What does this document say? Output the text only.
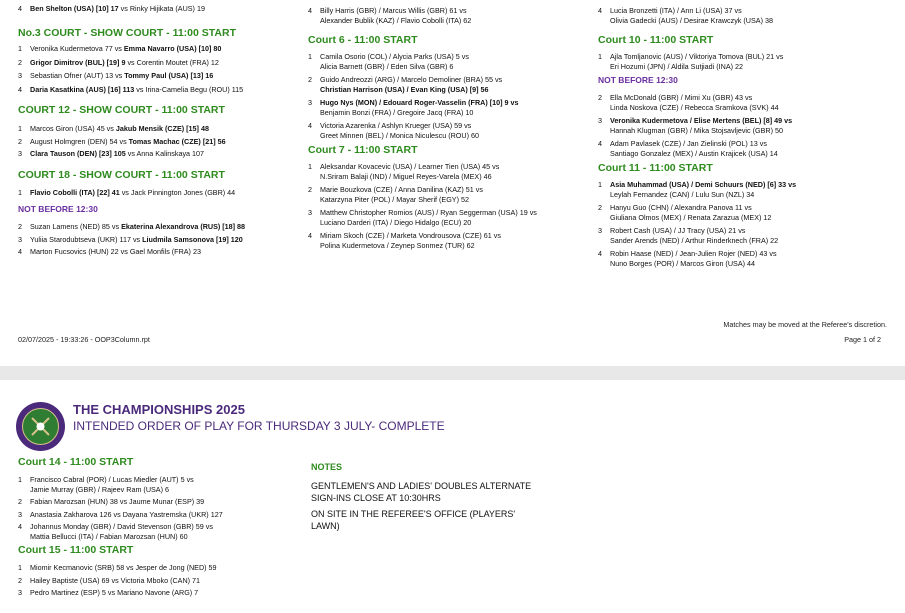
4 Ben Shelton (USA) [10] 17 vs Rinky Hijikata (AUS) 19
No.3 COURT - SHOW COURT - 11:00 START
1 Veronika Kudermetova 77 vs Emma Navarro (USA) [10] 80
2 Grigor Dimitrov (BUL) [19] 9 vs Corentin Moutet (FRA) 12
3 Sebastian Ofner (AUT) 13 vs Tommy Paul (USA) [13] 16
4 Daria Kasatkina (AUS) [16] 113 vs Irina-Camelia Begu (ROU) 115
COURT 12 - SHOW COURT - 11:00 START
1 Marcos Giron (USA) 45 vs Jakub Mensik (CZE) [15] 48
2 August Holmgren (DEN) 54 vs Tomas Machac (CZE) [21] 56
3 Clara Tauson (DEN) [23] 105 vs Anna Kalinskaya 107
COURT 18 - SHOW COURT - 11:00 START
1 Flavio Cobolli (ITA) [22] 41 vs Jack Pinnington Jones (GBR) 44
NOT BEFORE 12:30
2 Suzan Lamens (NED) 85 vs Ekaterina Alexandrova (RUS) [18] 88
3 Yuliia Starodubtseva (UKR) 117 vs Liudmila Samsonova [19] 120
4 Marton Fucsovics (HUN) 22 vs Gael Monfils (FRA) 23
4 Billy Harris (GBR) / Marcus Willis (GBR) 61 vs
Alexander Bublik (KAZ) / Flavio Cobolli (ITA) 62
Court 6 - 11:00 START
1 Camila Osorio (COL) / Alycia Parks (USA) 5 vs
Alicia Barnett (GBR) / Eden Silva (GBR) 6
2 Guido Andreozzi (ARG) / Marcelo Demoliner (BRA) 55 vs
Christian Harrison (USA) / Evan King (USA) [9] 56
3 Hugo Nys (MON) / Edouard Roger-Vasselin (FRA) [10] 9 vs
Benjamin Bonzi (FRA) / Gregoire Jacq (FRA) 10
4 Victoria Azarenka / Ashlyn Krueger (USA) 59 vs
Greet Minnen (BEL) / Monica Niculescu (ROU) 60
Court 7 - 11:00 START
1 Aleksandar Kovacevic (USA) / Learner Tien (USA) 45 vs
N.Sriram Balaji (IND) / Miguel Reyes-Varela (MEX) 46
2 Marie Bouzkova (CZE) / Anna Danilina (KAZ) 51 vs
Katarzyna Piter (POL) / Mayar Sherif (EGY) 52
3 Matthew Christopher Romios (AUS) / Ryan Seggerman (USA) 19 vs
Luciano Darderi (ITA) / Diego Hidalgo (ECU) 20
4 Miriam Skoch (CZE) / Marketa Vondrousova (CZE) 61 vs
Polina Kudermetova / Zeynep Sonmez (TUR) 62
4 Lucia Bronzetti (ITA) / Ann Li (USA) 37 vs
Olivia Gadecki (AUS) / Desirae Krawczyk (USA) 38
Court 10 - 11:00 START
1 Ajla Tomljanovic (AUS) / Viktoriya Tomova (BUL) 21 vs
Eri Hozumi (JPN) / Aldila Sutjiadi (INA) 22
NOT BEFORE 12:30
2 Ella McDonald (GBR) / Mimi Xu (GBR) 43 vs
Linda Noskova (CZE) / Rebecca Sramkova (SVK) 44
3 Veronika Kudermetova / Elise Mertens (BEL) [8] 49 vs
Hannah Klugman (GBR) / Mika Stojsavljevic (GBR) 50
4 Adam Pavlasek (CZE) / Jan Zielinski (POL) 13 vs
Santiago Gonzalez (MEX) / Austin Krajicek (USA) 14
Court 11 - 11:00 START
1 Asia Muhammad (USA) / Demi Schuurs (NED) [6] 33 vs
Leylah Fernandez (CAN) / Lulu Sun (NZL) 34
2 Hanyu Guo (CHN) / Alexandra Panova 11 vs
Giuliana Olmos (MEX) / Renata Zarazua (MEX) 12
3 Robert Cash (USA) / JJ Tracy (USA) 21 vs
Sander Arends (NED) / Arthur Rinderknech (FRA) 22
4 Robin Haase (NED) / Jean-Julien Rojer (NED) 43 vs
Nuno Borges (POR) / Marcos Giron (USA) 44
Matches may be moved at the Referee's discretion.
02/07/2025 - 19:33:26 - OOP3Column.rpt	Page 1 of 2
THE CHAMPIONSHIPS 2025
INTENDED ORDER OF PLAY FOR THURSDAY 3 JULY- COMPLETE
Court 14 - 11:00 START
1 Francisco Cabral (POR) / Lucas Miedler (AUT) 5 vs
Jamie Murray (GBR) / Rajeev Ram (USA) 6
2 Fabian Marozsan (HUN) 38 vs Jaume Munar (ESP) 39
3 Anastasia Zakharova 126 vs Dayana Yastremska (UKR) 127
4 Johannus Monday (GBR) / David Stevenson (GBR) 59 vs
Mattia Bellucci (ITA) / Fabian Marozsan (HUN) 60
Court 15 - 11:00 START
1 Miomir Kecmanovic (SRB) 58 vs Jesper de Jong (NED) 59
2 Hailey Baptiste (USA) 69 vs Victoria Mboko (CAN) 71
3 Pedro Martinez (ESP) 5 vs Mariano Navone (ARG) 7
NOTES
GENTLEMEN'S AND LADIES' DOUBLES ALTERNATE
SIGN-INS CLOSE AT 10:30HRS
ON SITE IN THE REFEREE'S OFFICE (PLAYERS'
LAWN)
